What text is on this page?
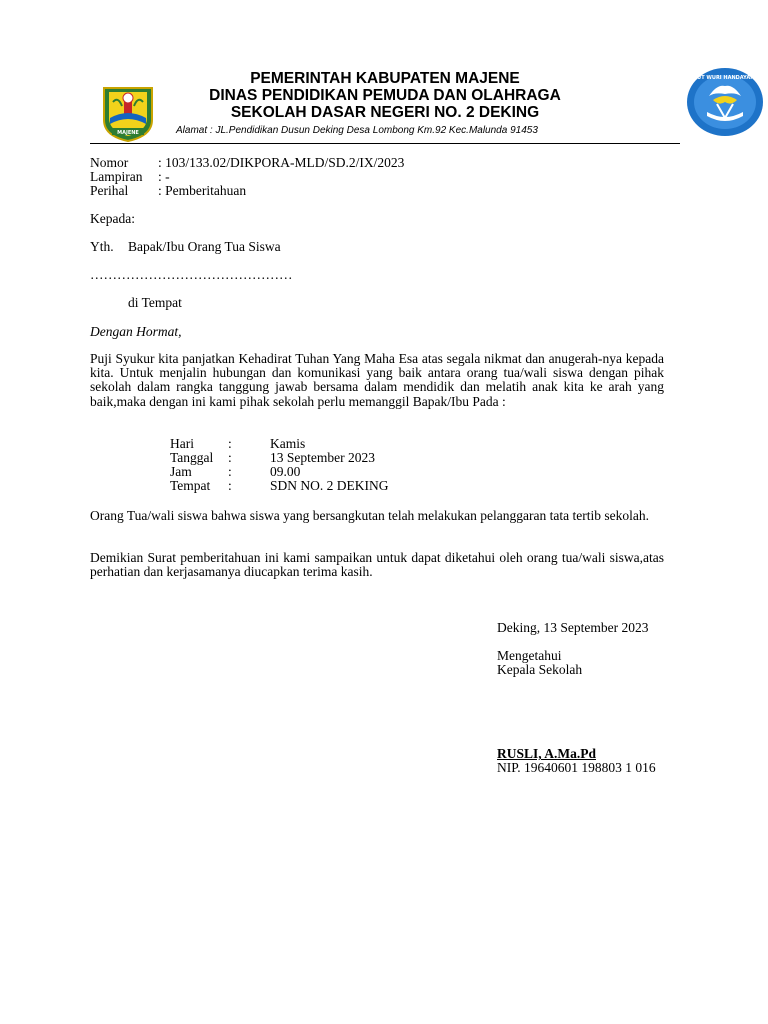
MAJENE
PEMERINTAH KABUPATEN MAJENE
DINAS PENDIDIKAN PEMUDA DAN OLAHRAGA
SEKOLAH DASAR NEGERI NO. 2 DEKING
Alamat : JL.Pendidikan Dusun Deking Desa Lombong Km.92 Kec.Malunda 91453
TUT WURI HANDAYANI
Nomor : 103/133.02/DIKPORA-MLD/SD.2/IX/2023
Lampiran : -
Perihal : Pemberitahuan
Kepada:
Yth. Bapak/Ibu Orang Tua Siswa
………………………………………
di Tempat
Dengan Hormat,
Puji Syukur kita panjatkan Kehadirat Tuhan Yang Maha Esa atas segala nikmat dan anugerah-nya kepada kita. Untuk menjalin hubungan dan komunikasi yang baik antara orang tua/wali siswa dengan pihak sekolah dalam rangka tanggung jawab bersama dalam mendidik dan melatih anak kita ke arah yang baik,maka dengan ini kami pihak sekolah perlu memanggil Bapak/Ibu Pada :
Hari	:	Kamis
Tanggal :	13 September 2023
Jam	:	09.00
Tempat :	SDN NO. 2 DEKING
Orang Tua/wali siswa bahwa siswa yang bersangkutan telah melakukan pelanggaran tata tertib sekolah.
Demikian Surat pemberitahuan ini kami sampaikan untuk dapat diketahui oleh orang tua/wali siswa,atas perhatian dan kerjasamanya diucapkan terima kasih.
Deking, 13 September 2023
Mengetahui
Kepala Sekolah
RUSLI, A.Ma.Pd
NIP. 19640601 198803 1 016
